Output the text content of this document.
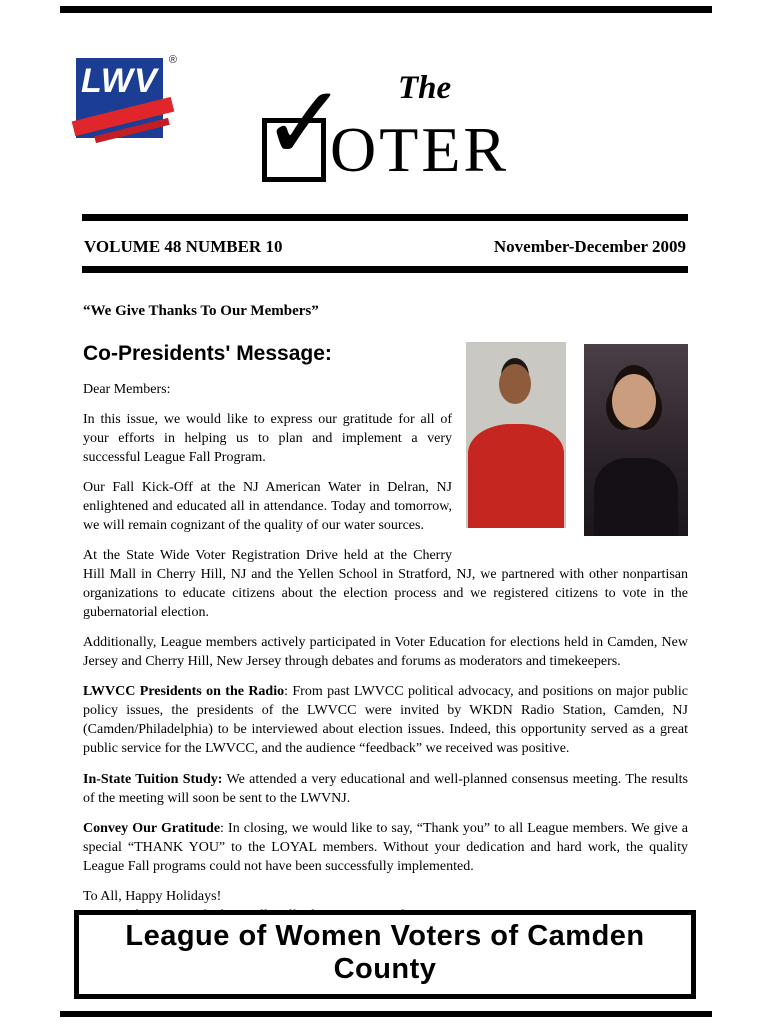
LWV
®
The
✓
OTER
VOLUME 48 NUMBER 10	November-December 2009
“We Give Thanks To Our Members”
Co-Presidents' Message:
Dear Members:

In this issue, we would like to express our gratitude for all of your efforts in helping us to plan and implement a very successful League Fall Program.

Our Fall Kick-Off at the NJ American Water in Delran, NJ enlightened and educated all in attendance. Today and tomorrow, we will remain cognizant of the quality of our water sources.

At the State Wide Voter Registration Drive held at the Cherry Hill Mall in Cherry Hill, NJ and the Yellen School in Stratford, NJ, we partnered with other nonpartisan organizations to educate citizens about the election process and we registered citizens to vote in the gubernatorial election.

Additionally, League members actively participated in Voter Education for elections held in Camden, New Jersey and Cherry Hill, New Jersey through debates and forums as moderators and timekeepers.

LWVCC Presidents on the Radio: From past LWVCC political advocacy, and positions on major public policy issues, the presidents of the LWVCC were invited by WKDN Radio Station, Camden, NJ (Camden/Philadelphia) to be interviewed about election issues. Indeed, this opportunity served as a great public service for the LWVCC, and the audience “feedback” we received was positive.

In-State Tuition Study: We attended a very educational and well-planned consensus meeting. The results of the meeting will soon be sent to the LWVNJ.

Convey Our Gratitude: In closing, we would like to say, “Thank you” to all League members. We give a special “THANK YOU” to the LOYAL members. Without your dedication and hard work, the quality League Fall programs could not have been successfully implemented.

To All, Happy Holidays!
League of Women Voters of Camden County
